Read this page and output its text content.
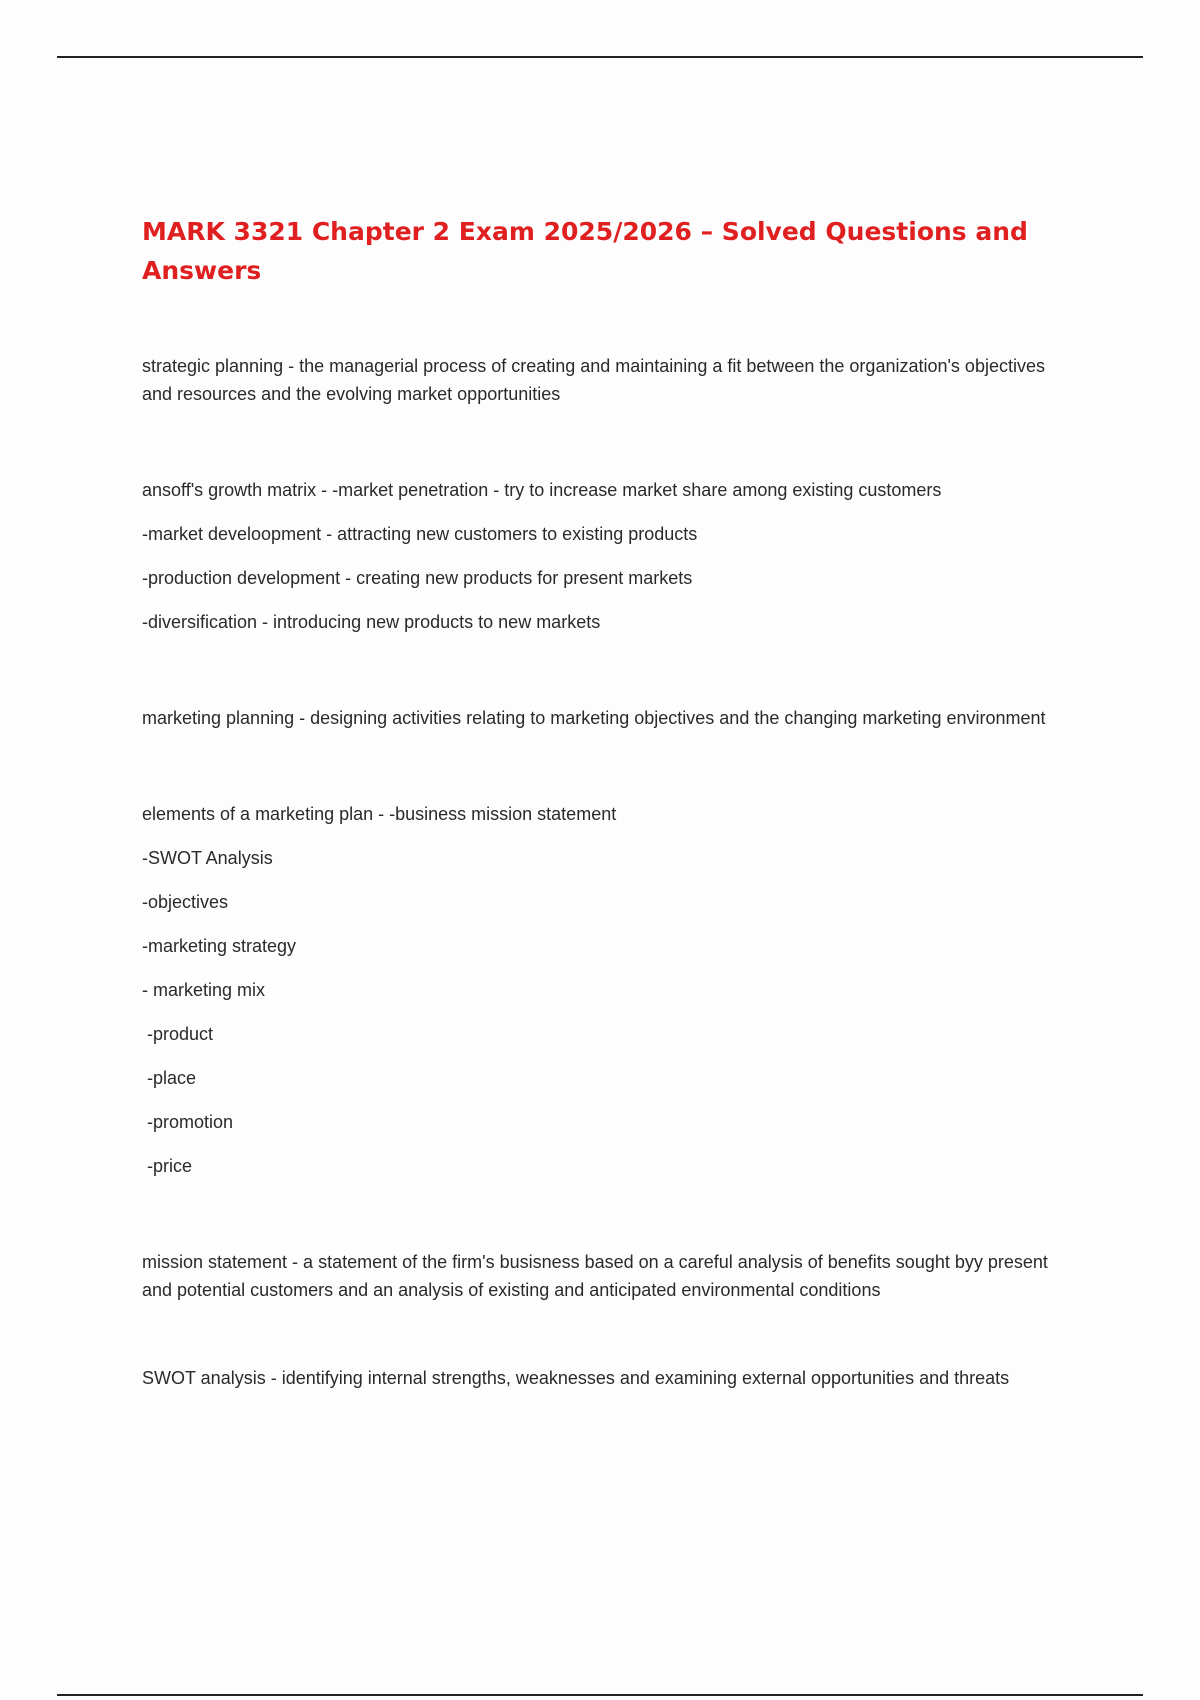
MARK 3321 Chapter 2 Exam 2025/2026 – Solved Questions and Answers

strategic planning - the managerial process of creating and maintaining a fit between the organization's objectives and resources and the evolving market opportunities

ansoff's growth matrix - -market penetration - try to increase market share among existing customers

-market develoopment - attracting new customers to existing products

-production development - creating new products for present markets

-diversification - introducing new products to new markets

marketing planning - designing activities relating to marketing objectives and the changing marketing environment

elements of a marketing plan - -business mission statement

-SWOT Analysis

-objectives

-marketing strategy

- marketing mix

-product

-place

-promotion

-price

mission statement - a statement of the firm's busisness based on a careful analysis of benefits sought byy present and potential customers and an analysis of existing and anticipated environmental conditions

SWOT analysis - identifying internal strengths, weaknesses and examining external opportunities and threats
